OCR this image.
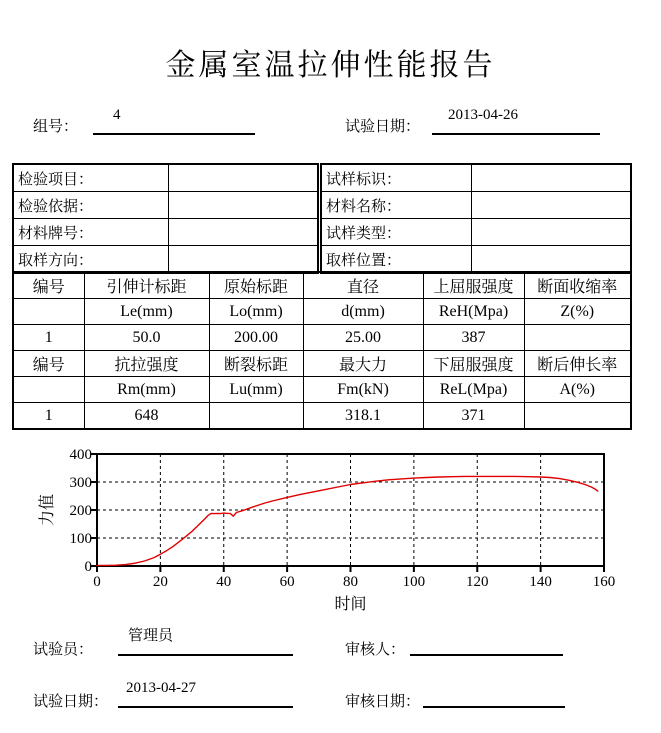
金属室温拉伸性能报告
组号：
4
试验日期：
2013-04-26
检验项目：	
检验依据：	
材料牌号：	
取样方向：	
试样标识：	
材料名称：	
试样类型：	
取样位置：	
编号	引伸计标距	原始标距	直径	上屈服强度	断面收缩率
	Le(mm)	Lo(mm)	d(mm)	ReH(Mpa)	Z(%)
1	50.0	200.00	25.00	387	
编号	抗拉强度	断裂标距	最大力	下屈服强度	断后伸长率
	Rm(mm)	Lu(mm)	Fm(kN)	ReL(Mpa)	A(%)
1	648		318.1	371	
0	20	40	60	80	100	120	140	160
0
100
200
300
400
时间
力值
试验员：
管理员
审核人：
试验日期：
2013-04-27
审核日期：
